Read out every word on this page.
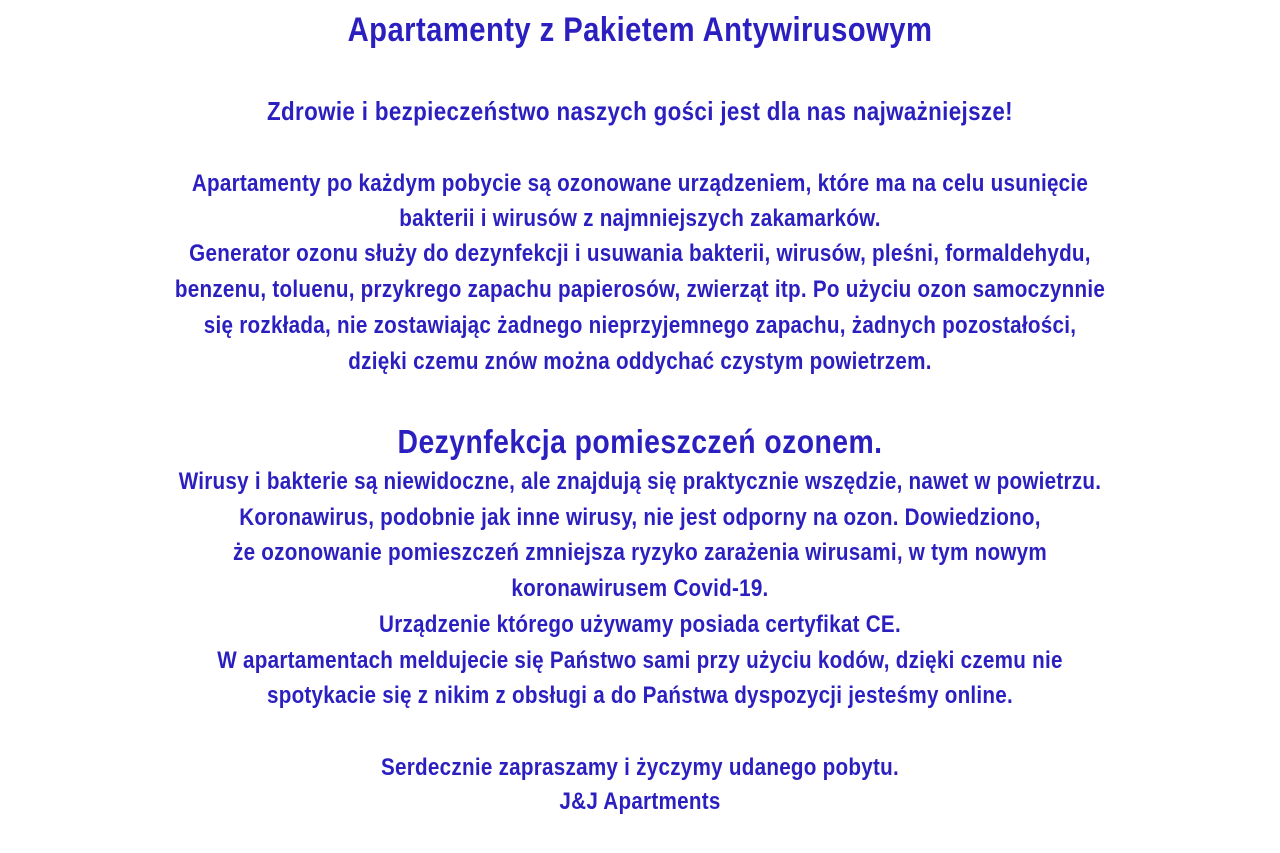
Apartamenty z Pakietem Antywirusowym
Zdrowie i bezpieczeństwo naszych gości jest dla nas najważniejsze!
Apartamenty po każdym pobycie są ozonowane urządzeniem, które ma na celu usunięcie
bakterii i wirusów z najmniejszych zakamarków.
Generator ozonu służy do dezynfekcji i usuwania bakterii, wirusów, pleśni, formaldehydu,
benzenu, toluenu, przykrego zapachu papierosów, zwierząt itp. Po użyciu ozon samoczynnie
się rozkłada, nie zostawiając żadnego nieprzyjemnego zapachu, żadnych pozostałości,
dzięki czemu znów można oddychać czystym powietrzem.
Dezynfekcja pomieszczeń ozonem.
Wirusy i bakterie są niewidoczne, ale znajdują się praktycznie wszędzie, nawet w powietrzu.
Koronawirus, podobnie jak inne wirusy, nie jest odporny na ozon. Dowiedziono,
że ozonowanie pomieszczeń zmniejsza ryzyko zarażenia wirusami, w tym nowym
koronawirusem Covid-19.
Urządzenie którego używamy posiada certyfikat CE.
W apartamentach meldujecie się Państwo sami przy użyciu kodów, dzięki czemu nie
spotykacie się z nikim z obsługi a do Państwa dyspozycji jesteśmy online.
Serdecznie zapraszamy i życzymy udanego pobytu.
J&J Apartments
